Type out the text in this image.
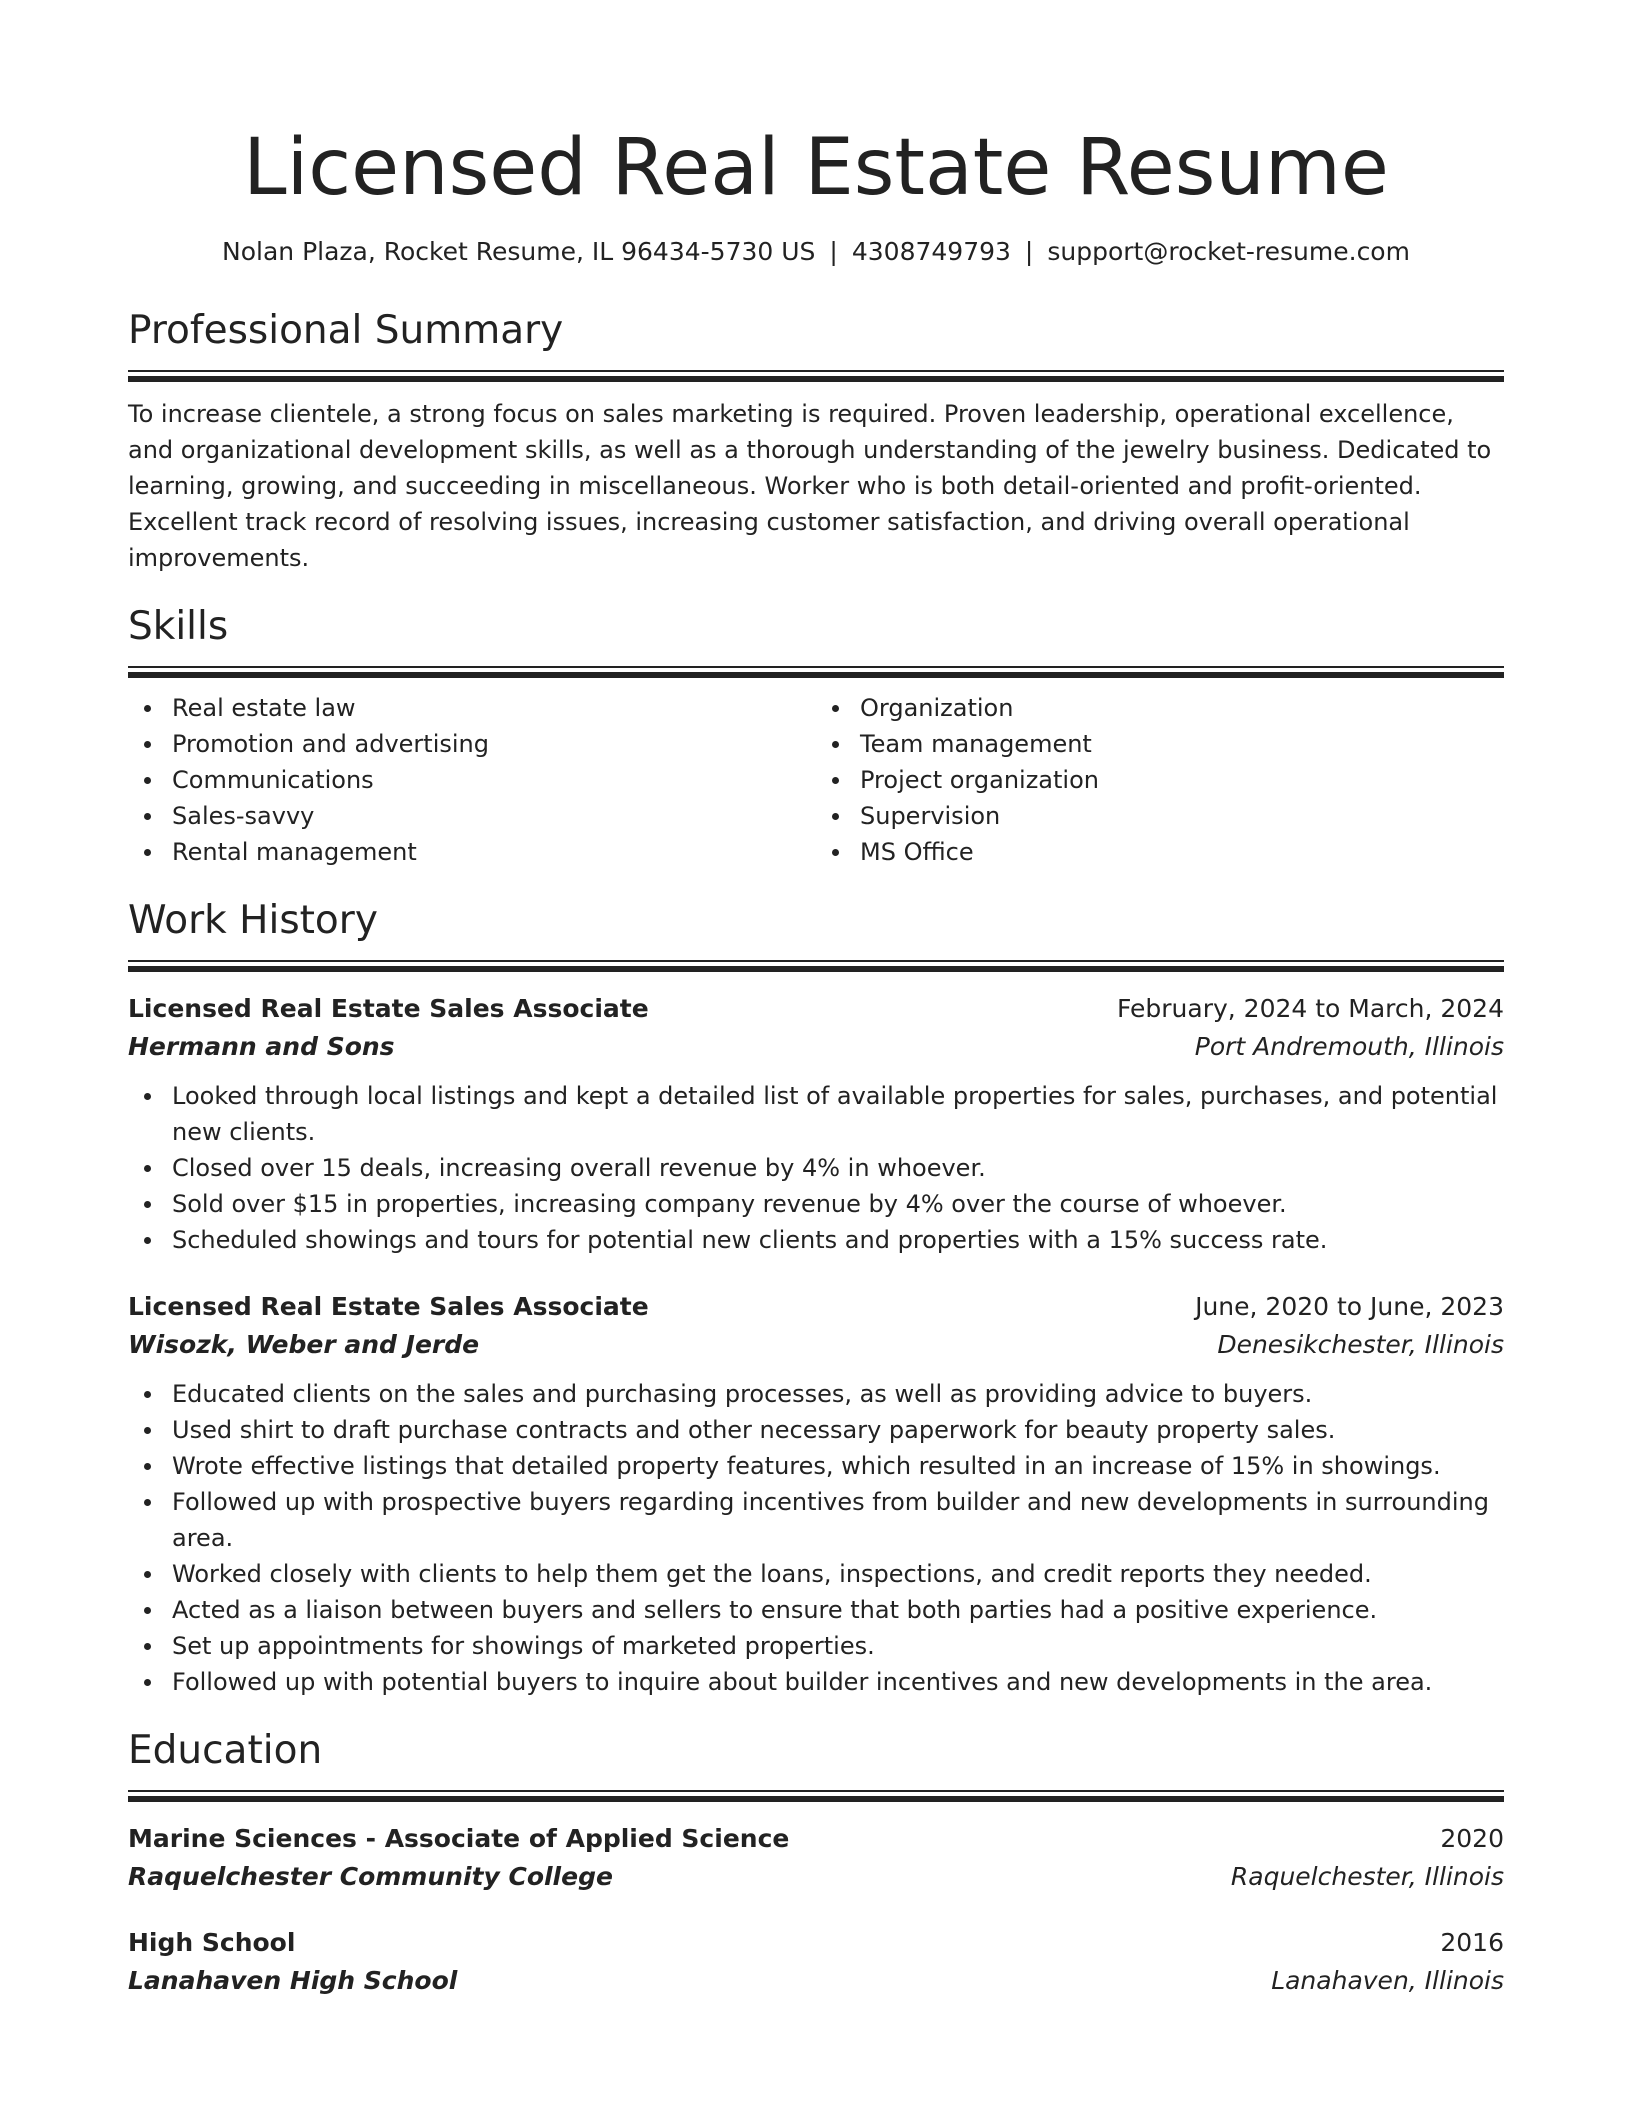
Licensed Real Estate Resume
Nolan Plaza, Rocket Resume, IL 96434-5730 US | 4308749793 | support@rocket-resume.com
Professional Summary

To increase clientele, a strong focus on sales marketing is required. Proven leadership, operational excellence, and organizational development skills, as well as a thorough understanding of the jewelry business. Dedicated to learning, growing, and succeeding in miscellaneous. Worker who is both detail-oriented and profit-oriented. Excellent track record of resolving issues, increasing customer satisfaction, and driving overall operational improvements.

Skills
Real estate law
Promotion and advertising
Communications
Sales-savvy
Rental management
Organization
Team management
Project organization
Supervision
MS Office
Work History
Licensed Real Estate Sales Associate	February, 2024 to March, 2024
Hermann and Sons	Port Andremouth, Illinois
Looked through local listings and kept a detailed list of available properties for sales, purchases, and potential new clients.
Closed over 15 deals, increasing overall revenue by 4% in whoever.
Sold over $15 in properties, increasing company revenue by 4% over the course of whoever.
Scheduled showings and tours for potential new clients and properties with a 15% success rate.
Licensed Real Estate Sales Associate	June, 2020 to June, 2023
Wisozk, Weber and Jerde	Denesikchester, Illinois
Educated clients on the sales and purchasing processes, as well as providing advice to buyers.
Used shirt to draft purchase contracts and other necessary paperwork for beauty property sales.
Wrote effective listings that detailed property features, which resulted in an increase of 15% in showings.
Followed up with prospective buyers regarding incentives from builder and new developments in surrounding area.
Worked closely with clients to help them get the loans, inspections, and credit reports they needed.
Acted as a liaison between buyers and sellers to ensure that both parties had a positive experience.
Set up appointments for showings of marketed properties.
Followed up with potential buyers to inquire about builder incentives and new developments in the area.
Education
Marine Sciences - Associate of Applied Science	2020
Raquelchester Community College	Raquelchester, Illinois
High School	2016
Lanahaven High School	Lanahaven, Illinois
